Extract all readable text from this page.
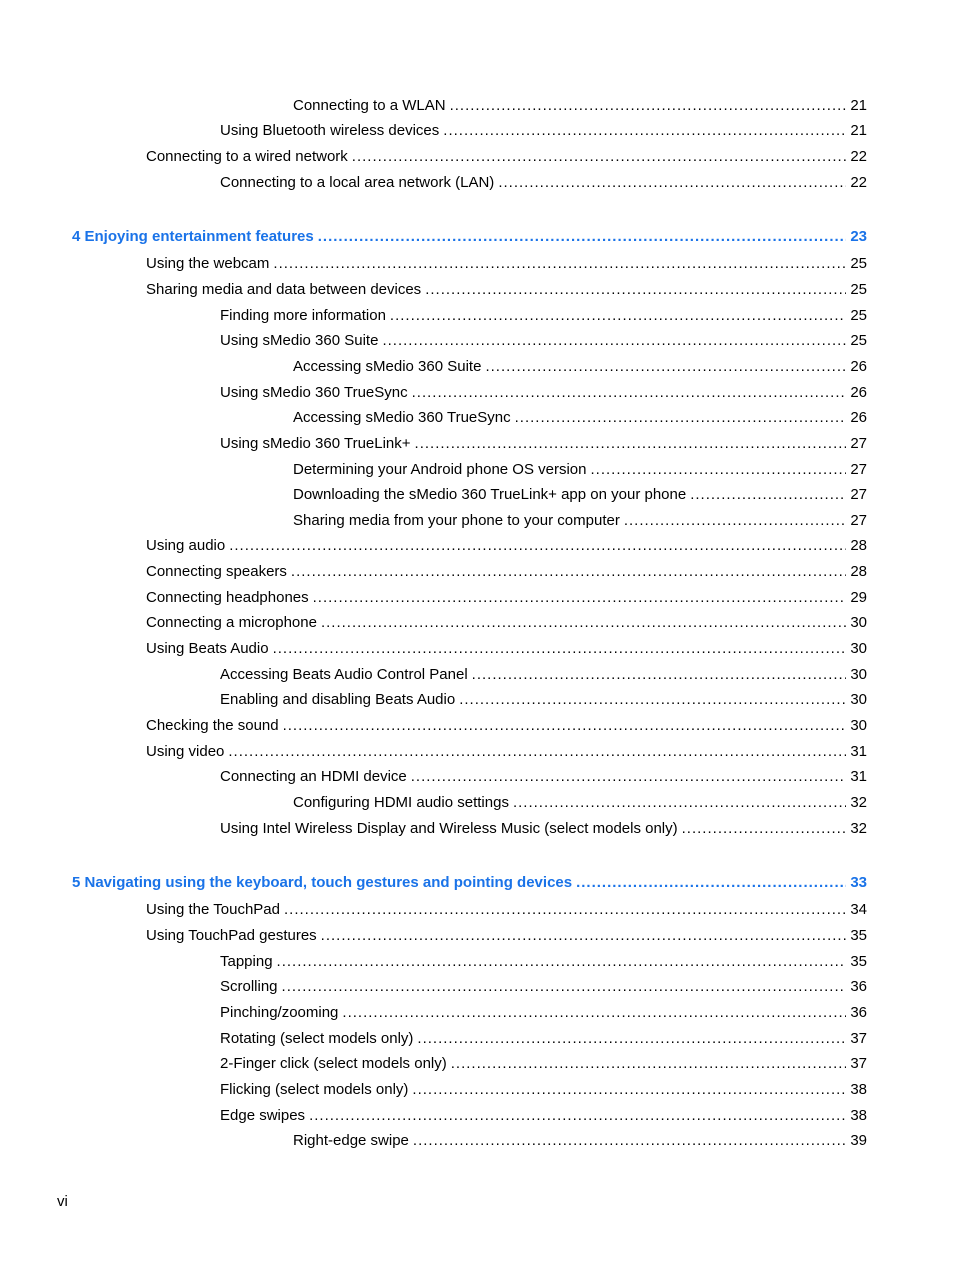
Connecting to a WLAN .....	21
Using Bluetooth wireless devices .....	21
Connecting to a wired network .....	22
Connecting to a local area network (LAN) .....	22
4 Enjoying entertainment features .....	23
Using the webcam .....	25
Sharing media and data between devices .....	25
Finding more information .....	25
Using sMedio 360 Suite .....	25
Accessing sMedio 360 Suite .....	26
Using sMedio 360 TrueSync .....	26
Accessing sMedio 360 TrueSync .....	26
Using sMedio 360 TrueLink+ .....	27
Determining your Android phone OS version .....	27
Downloading the sMedio 360 TrueLink+ app on your phone .....	27
Sharing media from your phone to your computer .....	27
Using audio .....	28
Connecting speakers .....	28
Connecting headphones .....	29
Connecting a microphone .....	30
Using Beats Audio .....	30
Accessing Beats Audio Control Panel .....	30
Enabling and disabling Beats Audio .....	30
Checking the sound .....	30
Using video .....	31
Connecting an HDMI device .....	31
Configuring HDMI audio settings .....	32
Using Intel Wireless Display and Wireless Music (select models only) .....	32
5 Navigating using the keyboard, touch gestures and pointing devices .....	33
Using the TouchPad .....	34
Using TouchPad gestures .....	35
Tapping .....	35
Scrolling .....	36
Pinching/zooming .....	36
Rotating (select models only) .....	37
2-Finger click (select models only) .....	37
Flicking (select models only) .....	38
Edge swipes .....	38
Right-edge swipe .....	39
vi
